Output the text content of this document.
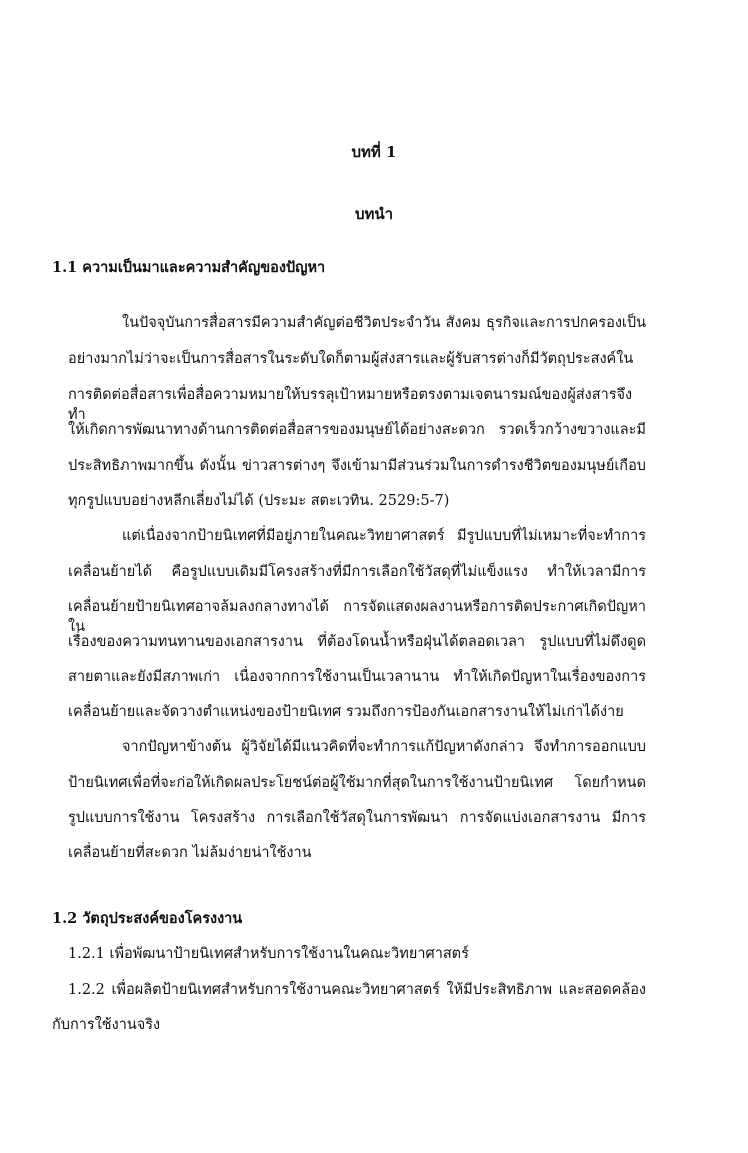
บทที่ 1
บทนำ
1.1 ความเป็นมาและความสำคัญของปัญหา
ในปัจจุบันการสื่อสารมีความสำคัญต่อชีวิตประจำวัน สังคม ธุรกิจและการปกครองเป็น
อย่างมากไม่ว่าจะเป็นการสื่อสารในระดับใดก็ตามผู้ส่งสารและผู้รับสารต่างก็มีวัตถุประสงค์ใน
การติดต่อสื่อสารเพื่อสื่อความหมายให้บรรลุเป้าหมายหรือตรงตามเจตนารมณ์ของผู้ส่งสารจึงทำ
ให้เกิดการพัฒนาทางด้านการติดต่อสื่อสารของมนุษย์ได้อย่างสะดวก รวดเร็วกว้างขวางและมี
ประสิทธิภาพมากขึ้น ดังนั้น ข่าวสารต่างๆ จึงเข้ามามีส่วนร่วมในการดำรงชีวิตของมนุษย์เกือบ
ทุกรูปแบบอย่างหลีกเลี่ยงไม่ได้ (ประมะ สตะเวทิน. 2529:5-7)
แต่เนื่องจากป้ายนิเทศที่มีอยู่ภายในคณะวิทยาศาสตร์ มีรูปแบบที่ไม่เหมาะที่จะทำการ
เคลื่อนย้ายได้ คือรูปแบบเดิมมีโครงสร้างที่มีการเลือกใช้วัสดุที่ไม่แข็งแรง ทำให้เวลามีการ
เคลื่อนย้ายป้ายนิเทศอาจล้มลงกลางทางได้ การจัดแสดงผลงานหรือการติดประกาศเกิดปัญหาใน
เรื่องของความทนทานของเอกสารงาน ที่ต้องโดนน้ำหรือฝุ่นได้ตลอดเวลา รูปแบบที่ไม่ดึงดูด
สายตาและยังมีสภาพเก่า เนื่องจากการใช้งานเป็นเวลานาน ทำให้เกิดปัญหาในเรื่องของการ
เคลื่อนย้ายและจัดวางตำแหน่งของป้ายนิเทศ รวมถึงการป้องกันเอกสารงานให้ไม่เก่าได้ง่าย
จากปัญหาข้างต้น ผู้วิจัยได้มีแนวคิดที่จะทำการแก้ปัญหาดังกล่าว จึงทำการออกแบบ
ป้ายนิเทศเพื่อที่จะก่อให้เกิดผลประโยชน์ต่อผู้ใช้มากที่สุดในการใช้งานป้ายนิเทศ โดยกำหนด
รูปแบบการใช้งาน โครงสร้าง การเลือกใช้วัสดุในการพัฒนา การจัดแบ่งเอกสารงาน มีการ
เคลื่อนย้ายที่สะดวก ไม่ล้มง่ายน่าใช้งาน
1.2 วัตถุประสงค์ของโครงงาน
1.2.1 เพื่อพัฒนาป้ายนิเทศสำหรับการใช้งานในคณะวิทยาศาสตร์
1.2.2 เพื่อผลิตป้ายนิเทศสำหรับการใช้งานคณะวิทยาศาสตร์ ให้มีประสิทธิภาพ และสอดคล้อง
กับการใช้งานจริง
